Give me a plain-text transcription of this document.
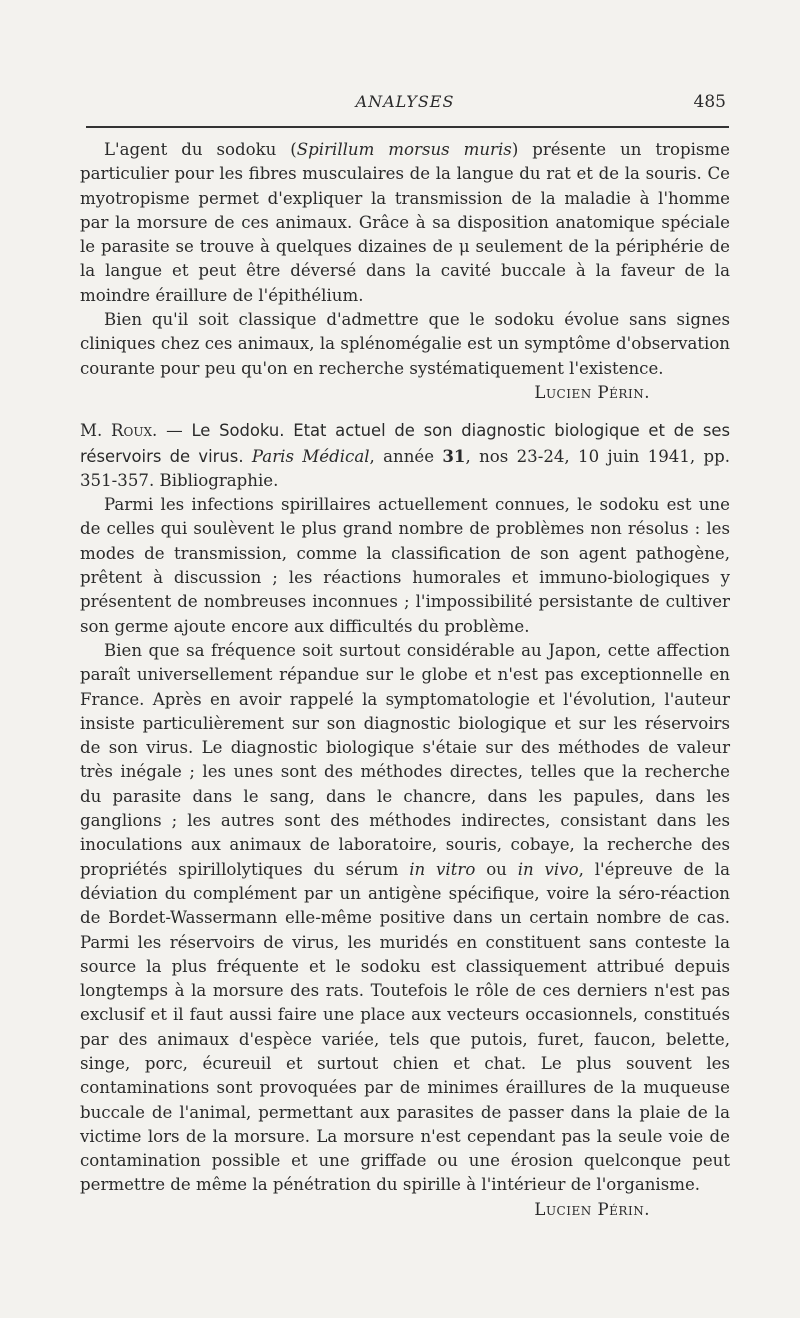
ANALYSES	485

L'agent du sodoku (Spirillum morsus muris) présente un tropisme particulier pour les fibres musculaires de la langue du rat et de la souris. Ce myotropisme permet d'expliquer la transmission de la maladie à l'homme par la morsure de ces animaux. Grâce à sa disposition anatomique spéciale le parasite se trouve à quelques dizaines de μ seulement de la périphérie de la langue et peut être déversé dans la cavité buccale à la faveur de la moindre éraillure de l'épithélium.

Bien qu'il soit classique d'admettre que le sodoku évolue sans signes cliniques chez ces animaux, la splénomégalie est un symptôme d'observation courante pour peu qu'on en recherche systématiquement l'existence.

Lucien Périn.

M. Roux. — Le Sodoku. Etat actuel de son diagnostic biologique et de ses réservoirs de virus. Paris Médical, année 31, nos 23-24, 10 juin 1941, pp. 351-357. Bibliographie.

Parmi les infections spirillaires actuellement connues, le sodoku est une de celles qui soulèvent le plus grand nombre de problèmes non résolus : les modes de transmission, comme la classification de son agent pathogène, prêtent à discussion ; les réactions humorales et immuno-biologiques y présentent de nombreuses inconnues ; l'impossibilité persistante de cultiver son germe ajoute encore aux difficultés du problème.

Bien que sa fréquence soit surtout considérable au Japon, cette affection paraît universellement répandue sur le globe et n'est pas exceptionnelle en France. Après en avoir rappelé la symptomatologie et l'évolution, l'auteur insiste particulièrement sur son diagnostic biologique et sur les réservoirs de son virus. Le diagnostic biologique s'étaie sur des méthodes de valeur très inégale ; les unes sont des méthodes directes, telles que la recherche du parasite dans le sang, dans le chancre, dans les papules, dans les ganglions ; les autres sont des méthodes indirectes, consistant dans les inoculations aux animaux de laboratoire, souris, cobaye, la recherche des propriétés spirillolytiques du sérum in vitro ou in vivo, l'épreuve de la déviation du complément par un antigène spécifique, voire la séro-réaction de Bordet-Wassermann elle-même positive dans un certain nombre de cas. Parmi les réservoirs de virus, les muridés en constituent sans conteste la source la plus fréquente et le sodoku est classiquement attribué depuis longtemps à la morsure des rats. Toutefois le rôle de ces derniers n'est pas exclusif et il faut aussi faire une place aux vecteurs occasionnels, constitués par des animaux d'espèce variée, tels que putois, furet, faucon, belette, singe, porc, écureuil et surtout chien et chat. Le plus souvent les contaminations sont provoquées par de minimes éraillures de la muqueuse buccale de l'animal, permettant aux parasites de passer dans la plaie de la victime lors de la morsure. La morsure n'est cependant pas la seule voie de contamination possible et une griffade ou une érosion quelconque peut permettre de même la pénétration du spirille à l'intérieur de l'organisme.

Lucien Périn.
